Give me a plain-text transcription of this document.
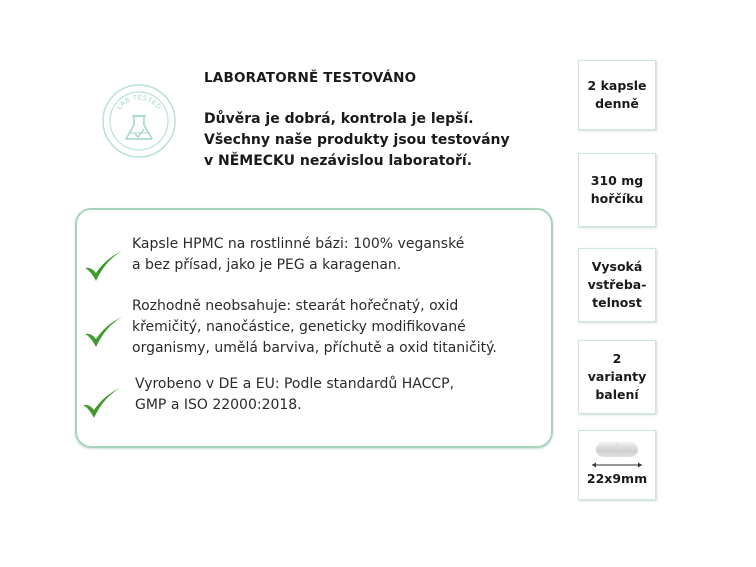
LAB TESTED
LABORATORNĚ TESTOVÁNO
Důvěra je dobrá, kontrola je lepší.
Všechny naše produkty jsou testovány
v NĚMECKU nezávislou laboratoří.
Kapsle HPMC na rostlinné bázi: 100% veganské
a bez přísad, jako je PEG a karagenan.
Rozhodně neobsahuje: stearát hořečnatý, oxid
křemičitý, nanočástice, geneticky modifikované
organismy, umělá barviva, příchutě a oxid titaničitý.
Vyrobeno v DE a EU: Podle standardů HACCP,
GMP a ISO 22000:2018.
2 kapsle
denně
310 mg
hořčíku
Vysoká
vstřeba-
telnost
2
varianty
balení
22x9mm
